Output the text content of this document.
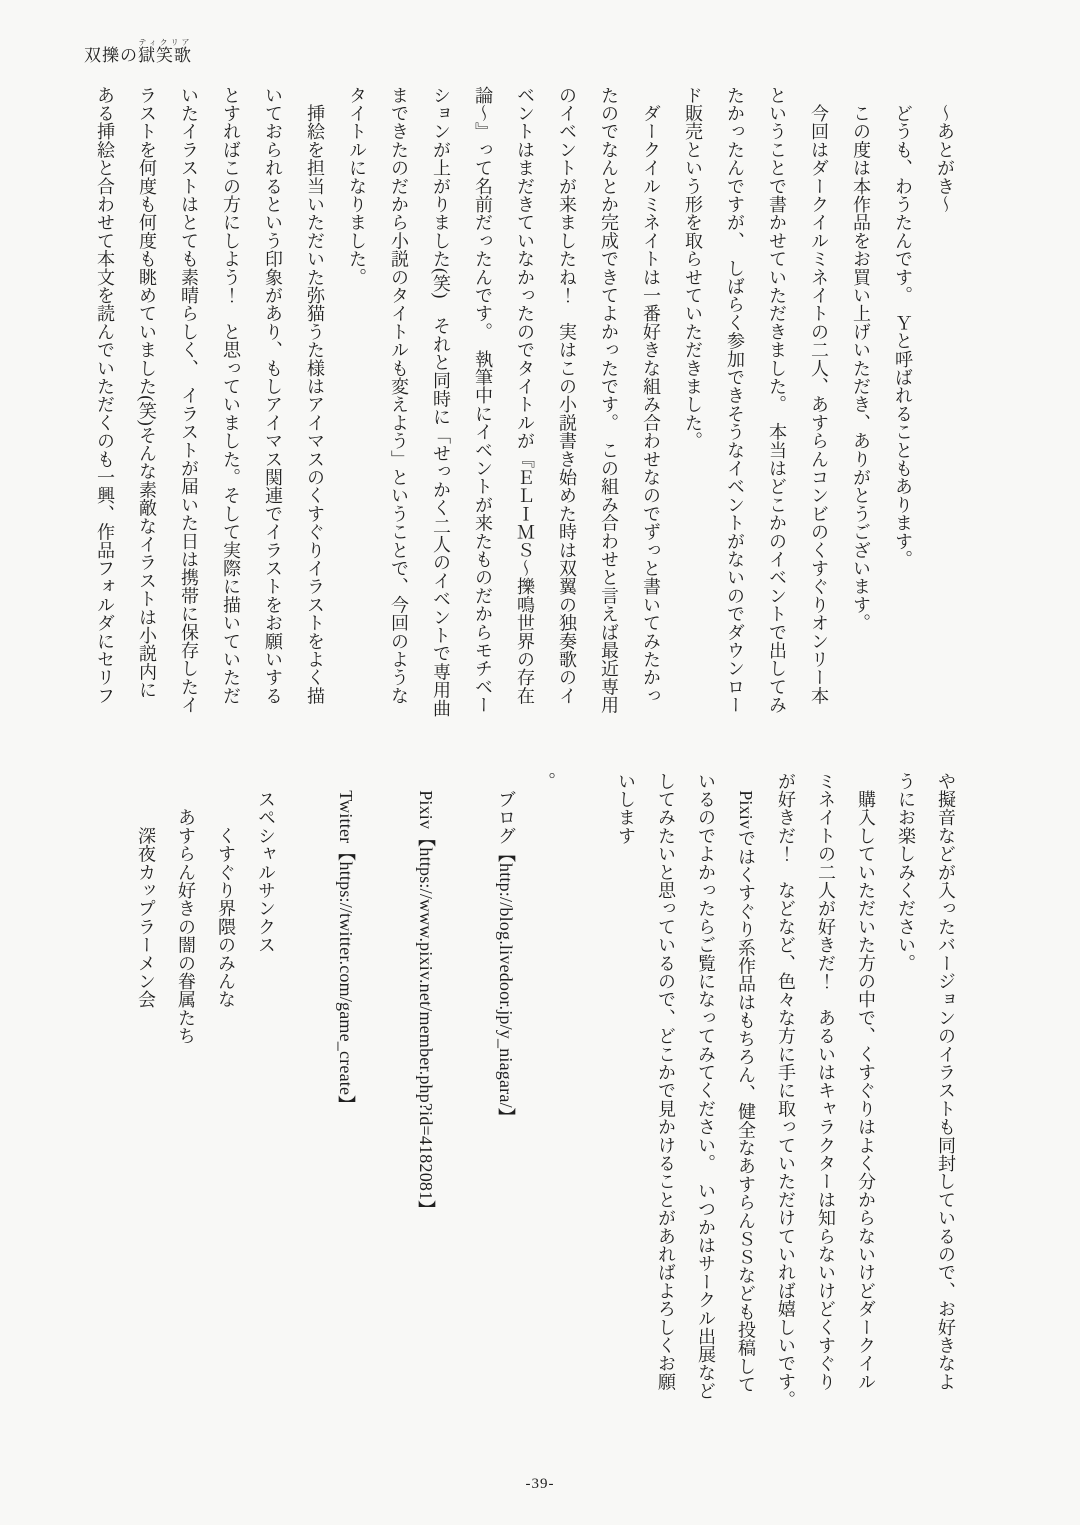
双擽の獄笑歌ティクリア

　～あとがき～

　どうも、わうたんです。　Ｙと呼ばれることもあります。

　この度は本作品をお買い上げいただき、ありがとうございます。

　今回はダークイルミネイトの二人、あすらんコンビのくすぐりオンリー本

ということで書かせていただきました。　本当はどこかのイベントで出してみ

たかったんですが、　しばらく参加できそうなイベントがないのでダウンロー

ド販売という形を取らせていただきました。

　ダークイルミネイトは一番好きな組み合わせなのでずっと書いてみたかっ

たのでなんとか完成できてよかったです。　この組み合わせと言えば最近専用

のイベントが来ましたね！　実はこの小説書き始めた時は双翼の独奏歌のイ

ベントはまだきていなかったのでタイトルが『ＥＬＩＭＳ～擽鳴世界の存在

論～』って名前だったんです。　執筆中にイベントが来たものだからモチベー

ションが上がりました(笑)　それと同時に「せっかく二人のイベントで専用曲

まできたのだから小説のタイトルも変えよう」ということで、今回のような

タイトルになりました。

　挿絵を担当いただいた弥猫うた様はアイマスのくすぐりイラストをよく描

いておられるという印象があり、もしアイマス関連でイラストをお願いする

とすればこの方にしよう！　と思っていました。そして実際に描いていただ

いたイラストはとても素晴らしく、　イラストが届いた日は携帯に保存したイ

ラストを何度も何度も眺めていました(笑)そんな素敵なイラストは小説内に

ある挿絵と合わせて本文を読んでいただくのも一興、作品フォルダにセリフ

や擬音などが入ったバージョンのイラストも同封しているので、お好きなよ

うにお楽しみください。

　購入していただいた方の中で、くすぐりはよく分からないけどダークイル

ミネイトの二人が好きだ！　あるいはキャラクターは知らないけどくすぐり

が好きだ！　などなど、色々な方に手に取っていただけていれば嬉しいです。

　Pixivではくすぐり系作品はもちろん、健全なあすらんＳＳなども投稿して

いるのでよかったらご覧になってみてください。　いつかはサークル出展など

してみたいと思っているので、どこかで見かけることがあればよろしくお願

いします

。

　ブログ【http://blog.livedoor.jp/y_niagara/】

　Pixiv【https://www.pixiv.net/member.php?id=4182081】

　Twitter【https://twitter.com/game_create】

　スペシャルサンクス

　　　くすぐり界隈のみんな

　　あすらん好きの闇の眷属たち

　　　深夜カップラーメン会

-39-
